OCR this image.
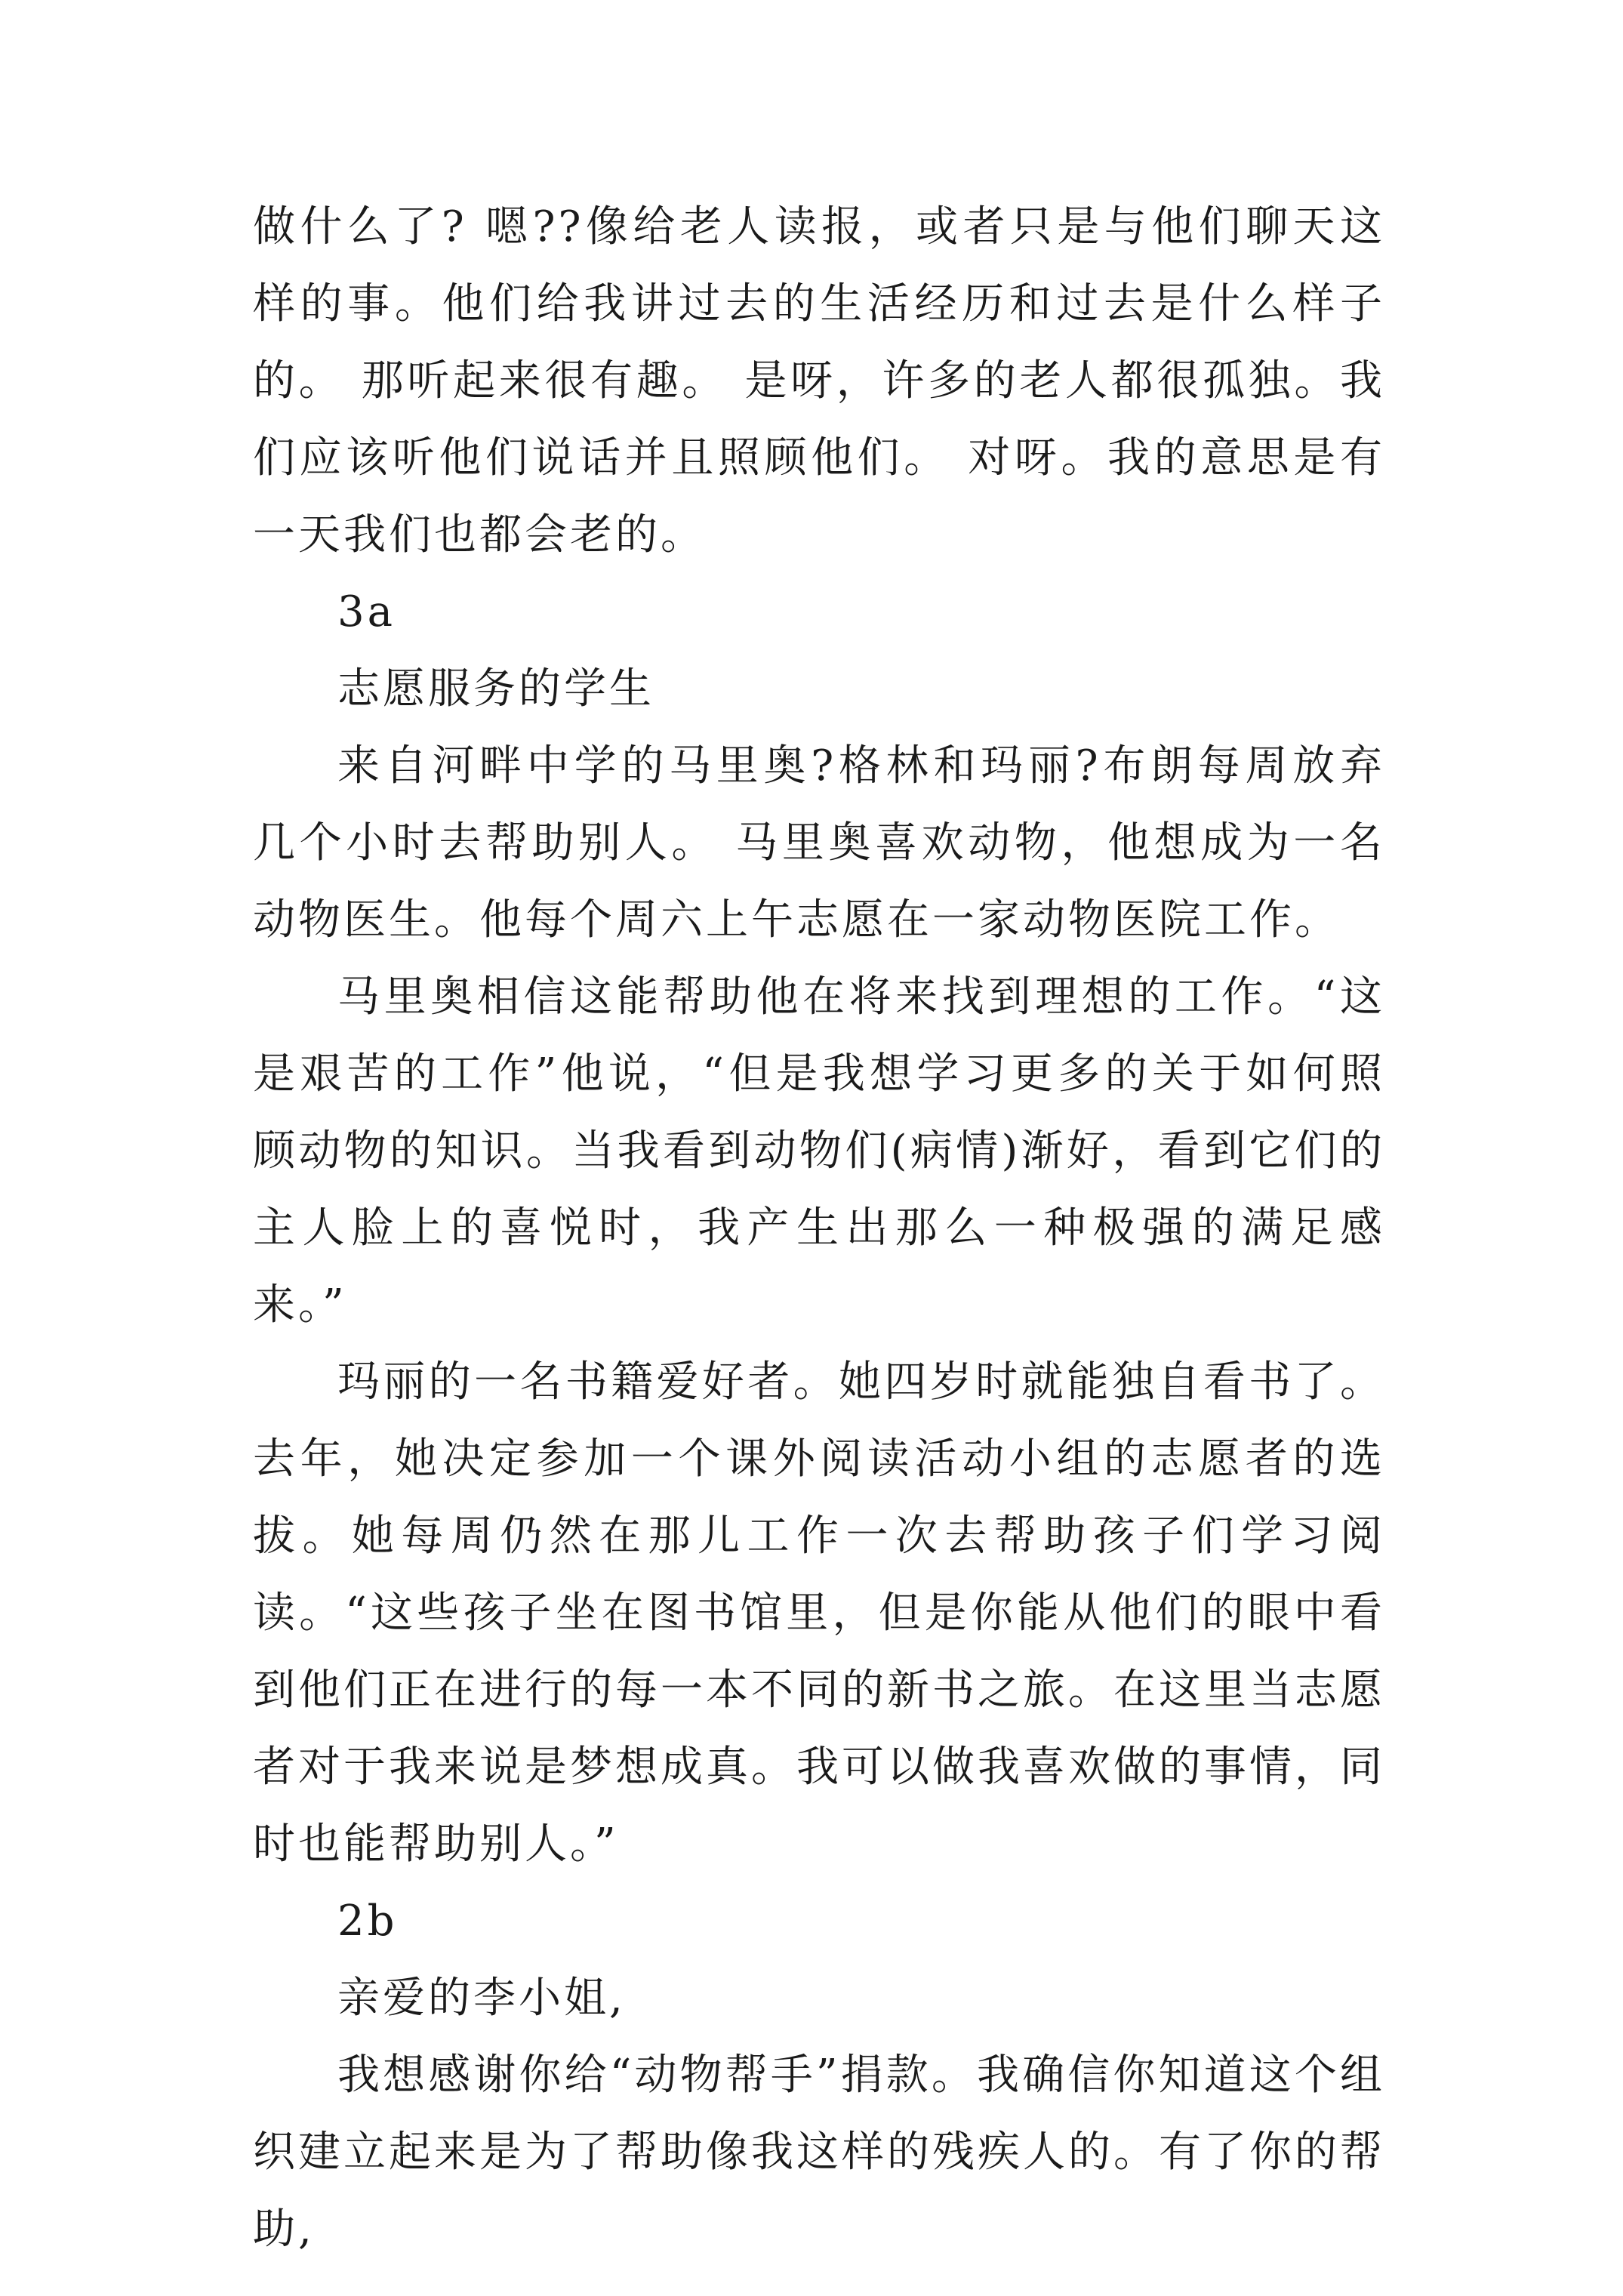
做什么了? 嗯??像给老人读报，或者只是与他们聊天这样的事。他们给我讲过去的生活经历和过去是什么样子的。 那听起来很有趣。 是呀，许多的老人都很孤独。我们应该听他们说话并且照顾他们。 对呀。我的意思是有一天我们也都会老的。

3a

志愿服务的学生

来自河畔中学的马里奥?格林和玛丽?布朗每周放弃几个小时去帮助别人。 马里奥喜欢动物，他想成为一名动物医生。他每个周六上午志愿在一家动物医院工作。

马里奥相信这能帮助他在将来找到理想的工作。“这是艰苦的工作”他说，“但是我想学习更多的关于如何照顾动物的知识。当我看到动物们(病情)渐好，看到它们的主人脸上的喜悦时，我产生出那么一种极强的满足感来。”

玛丽的一名书籍爱好者。她四岁时就能独自看书了。去年，她决定参加一个课外阅读活动小组的志愿者的选拔。她每周仍然在那儿工作一次去帮助孩子们学习阅读。“这些孩子坐在图书馆里，但是你能从他们的眼中看到他们正在进行的每一本不同的新书之旅。在这里当志愿者对于我来说是梦想成真。我可以做我喜欢做的事情，同时也能帮助别人。”

2b

亲爱的李小姐,

我想感谢你给“动物帮手”捐款。我确信你知道这个组织建立起来是为了帮助像我这样的残疾人的。有了你的帮助,
